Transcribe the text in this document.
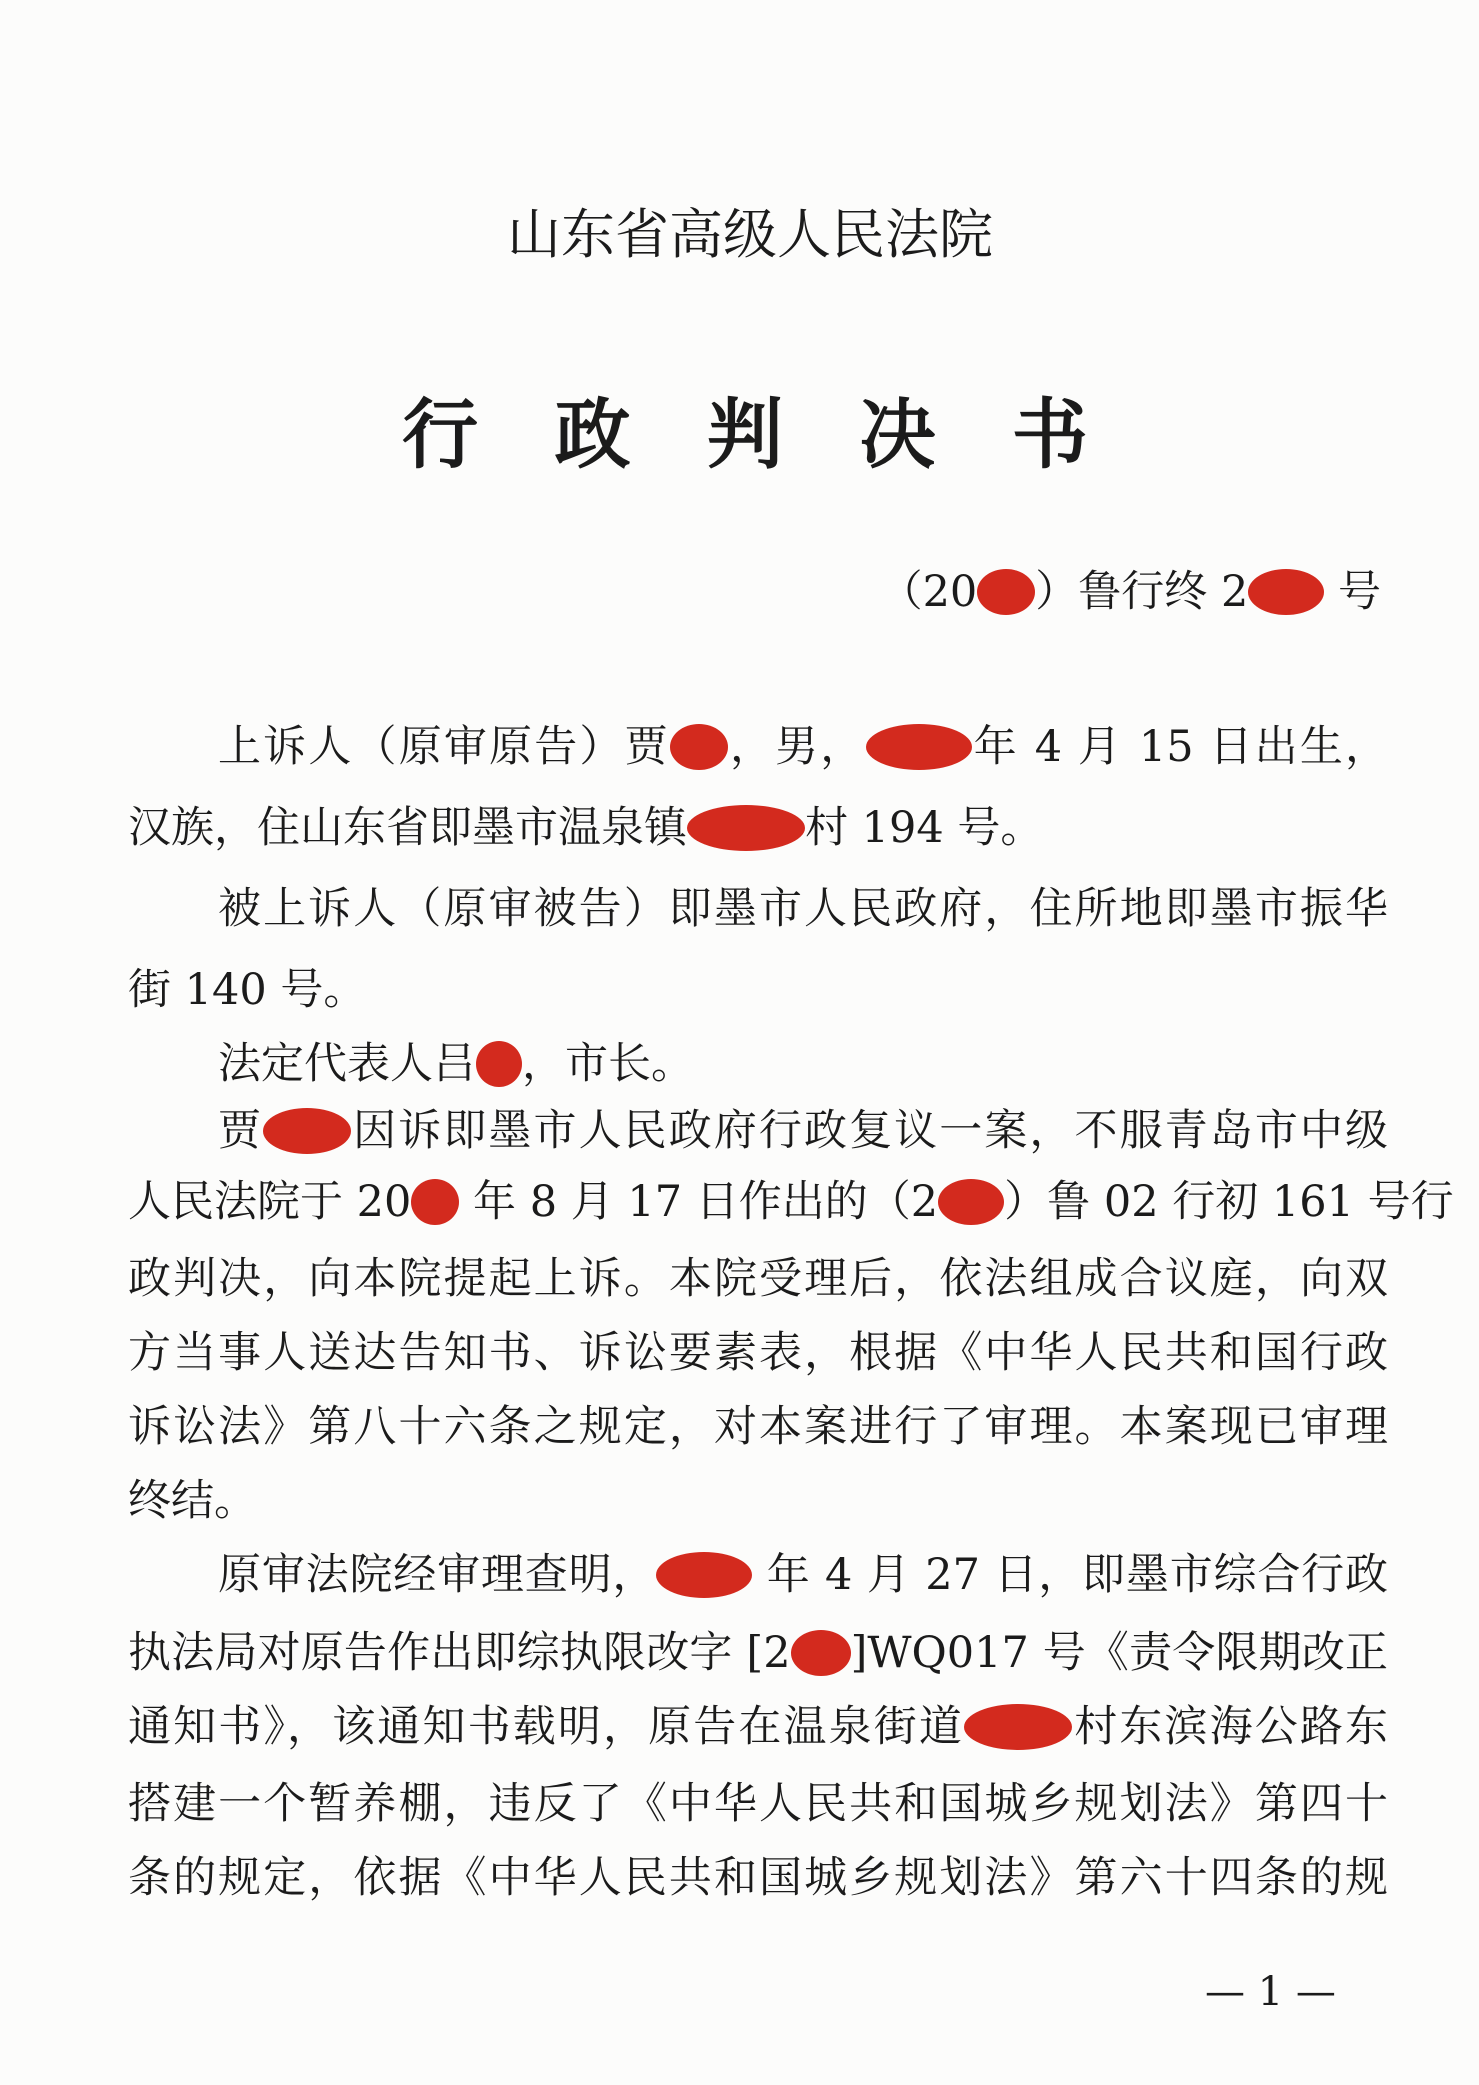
山东省高级人民法院
行 政 判 决 书
（20 ）鲁行终 2 号
上诉人（原审原告）贾 ，男， 年 4 月 15 日出生，
汉族，住山东省即墨市温泉镇	村 194 号。
被上诉人（原审被告）即墨市人民政府，住所地即墨市振华
街 140 号。
法定代表人吕 ，市长。
贾 因诉即墨市人民政府行政复议一案，不服青岛市中级
人民法院于 20 年 8 月 17 日作出的（2 ）鲁 02 行初 161 号行
政判决，向本院提起上诉。本院受理后，依法组成合议庭，向双
方当事人送达告知书、诉讼要素表，根据《中华人民共和国行政
诉讼法》第八十六条之规定，对本案进行了审理。本案现已审理
终结。
原审法院经审理查明， 年 4 月 27 日，即墨市综合行政
执法局对原告作出即综执限改字 [2 ]WQ017 号《责令限期改正
通知书》，该通知书载明，原告在温泉街道	村东滨海公路东
搭建一个暂养棚，违反了《中华人民共和国城乡规划法》第四十
条的规定，依据《中华人民共和国城乡规划法》第六十四条的规
— 1 —
